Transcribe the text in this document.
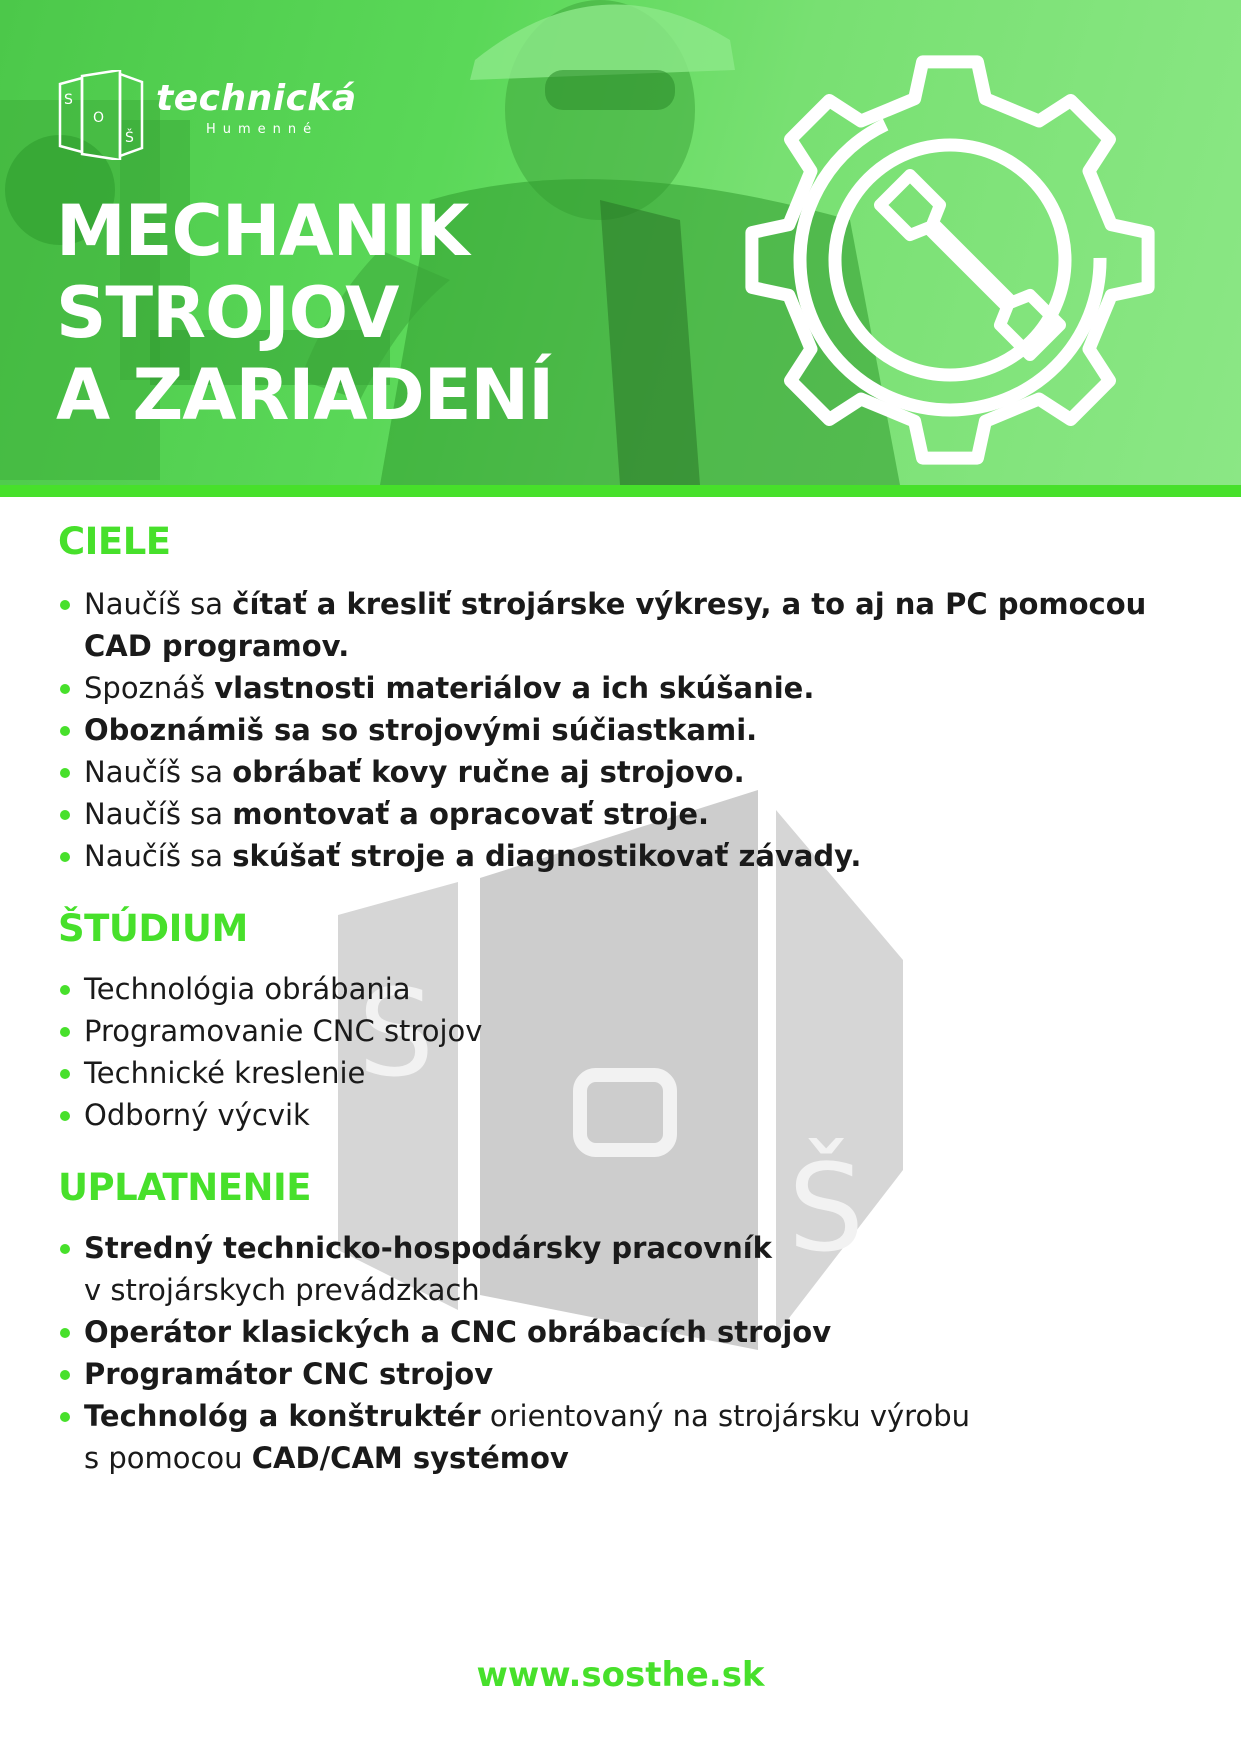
S
O
Š
technická
Humenné
MECHANIK
STROJOV
A ZARIADENÍ
S
Š
CIELE
Naučíš sa čítať a kresliť strojárske výkresy, a to aj na PC pomocou CAD programov.
Spoznáš vlastnosti materiálov a ich skúšanie.
Oboznámiš sa so strojovými súčiastkami.
Naučíš sa obrábať kovy ručne aj strojovo.
Naučíš sa montovať a opracovať stroje.
Naučíš sa skúšať stroje a diagnostikovať závady.
ŠTÚDIUM
Technológia obrábania
Programovanie CNC strojov
Technické kreslenie
Odborný výcvik
UPLATNENIE
Stredný technicko-hospodársky pracovník
v strojárskych prevádzkach
Operátor klasických a CNC obrábacích strojov
Programátor CNC strojov
Technológ a konštruktér orientovaný na strojársku výrobu
s pomocou CAD/CAM systémov
www.sosthe.sk
